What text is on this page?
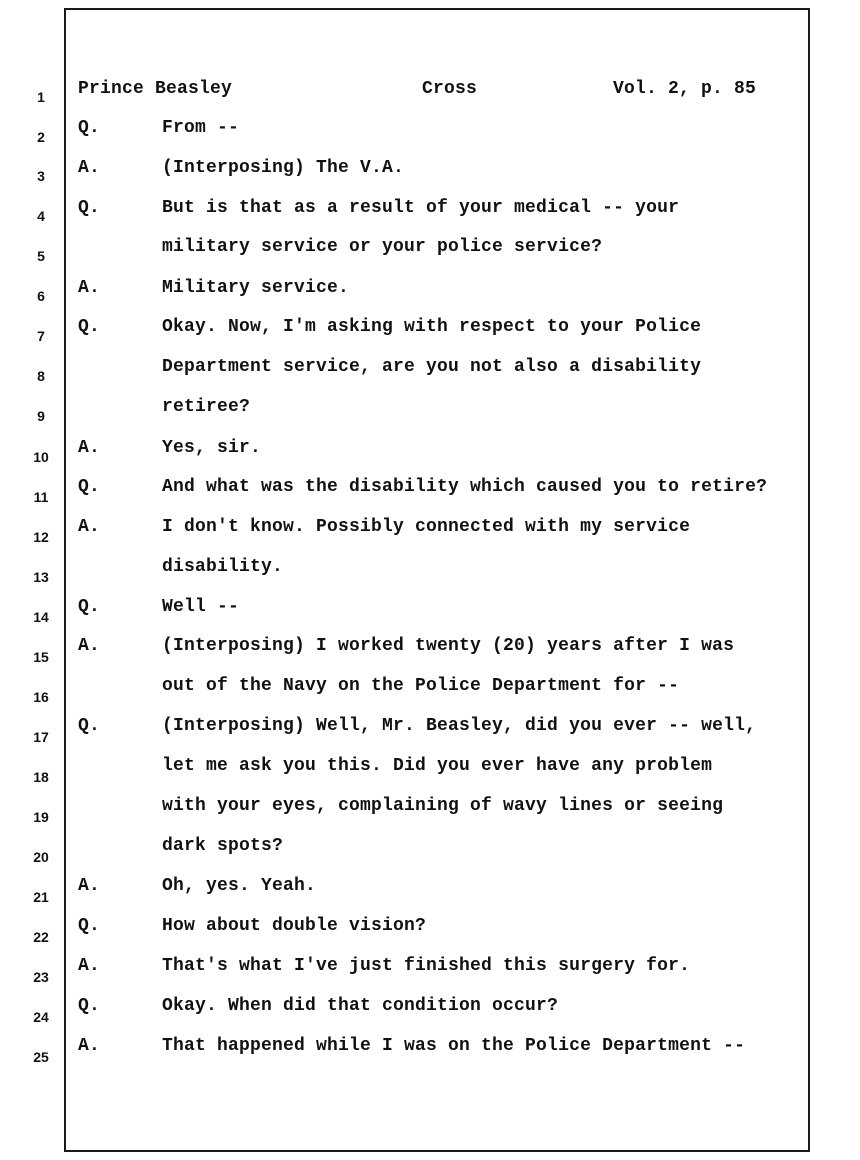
1
2
3
4
5
6
7
8
9
10
11
12
13
14
15
16
17
18
19
20
21
22
23
24
25
Prince Beasley	Cross	Vol. 2, p. 85
Q.	From --
A.	(Interposing) The V.A.
Q.	But is that as a result of your medical -- your
military service or your police service?
A.	Military service.
Q.	Okay. Now, I'm asking with respect to your Police
Department service, are you not also a disability
retiree?
A.	Yes, sir.
Q.	And what was the disability which caused you to retire?
A.	I don't know. Possibly connected with my service
disability.
Q.	Well --
A.	(Interposing) I worked twenty (20) years after I was
out of the Navy on the Police Department for --
Q.	(Interposing) Well, Mr. Beasley, did you ever -- well,
let me ask you this. Did you ever have any problem
with your eyes, complaining of wavy lines or seeing
dark spots?
A.	Oh, yes. Yeah.
Q.	How about double vision?
A.	That's what I've just finished this surgery for.
Q.	Okay. When did that condition occur?
A.	That happened while I was on the Police Department --
